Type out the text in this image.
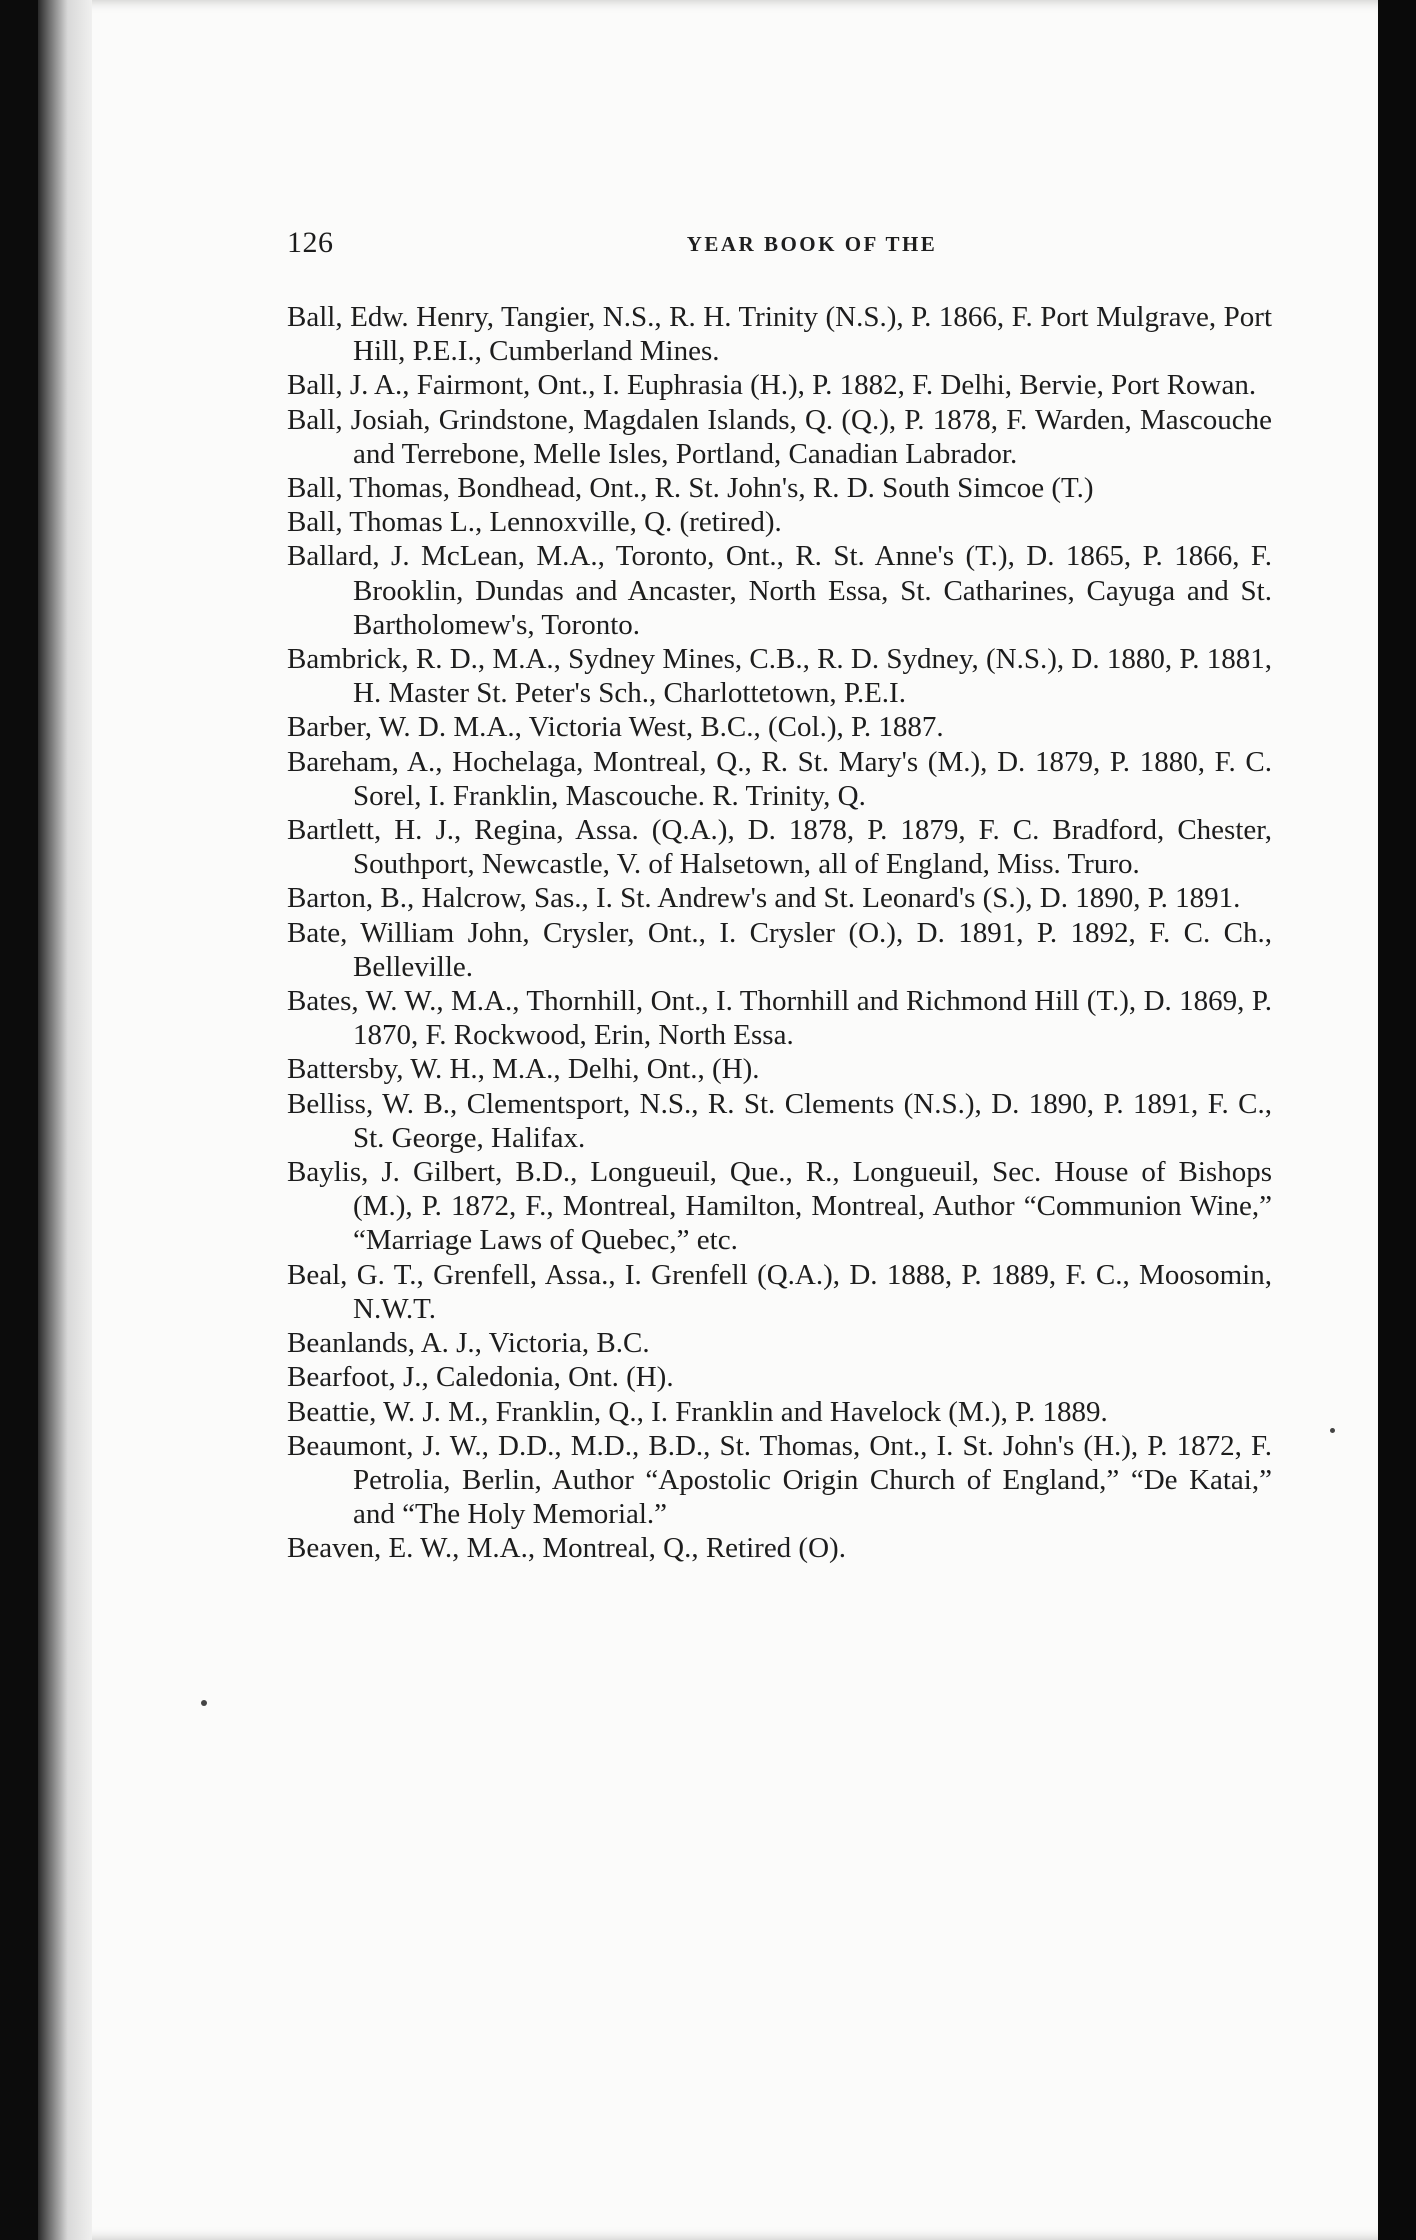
126	YEAR BOOK OF THE

Ball, Edw. Henry, Tangier, N.S., R. H. Trinity (N.S.), P. 1866, F. Port Mulgrave, Port Hill, P.E.I., Cumberland Mines.

Ball, J. A., Fairmont, Ont., I. Euphrasia (H.), P. 1882, F. Delhi, Bervie, Port Rowan.

Ball, Josiah, Grindstone, Magdalen Islands, Q. (Q.), P. 1878, F. Warden, Mascouche and Terrebone, Melle Isles, Portland, Canadian Labrador.

Ball, Thomas, Bondhead, Ont., R. St. John's, R. D. South Simcoe (T.)

Ball, Thomas L., Lennoxville, Q. (retired).

Ballard, J. McLean, M.A., Toronto, Ont., R. St. Anne's (T.), D. 1865, P. 1866, F. Brooklin, Dundas and Ancaster, North Essa, St. Catharines, Cayuga and St. Bartholomew's, Toronto.

Bambrick, R. D., M.A., Sydney Mines, C.B., R. D. Sydney, (N.S.), D. 1880, P. 1881, H. Master St. Peter's Sch., Charlottetown, P.E.I.

Barber, W. D. M.A., Victoria West, B.C., (Col.), P. 1887.

Bareham, A., Hochelaga, Montreal, Q., R. St. Mary's (M.), D. 1879, P. 1880, F. C. Sorel, I. Franklin, Mascouche. R. Trinity, Q.

Bartlett, H. J., Regina, Assa. (Q.A.), D. 1878, P. 1879, F. C. Bradford, Chester, Southport, Newcastle, V. of Halsetown, all of England, Miss. Truro.

Barton, B., Halcrow, Sas., I. St. Andrew's and St. Leonard's (S.), D. 1890, P. 1891.

Bate, William John, Crysler, Ont., I. Crysler (O.), D. 1891, P. 1892, F. C. Ch., Belleville.

Bates, W. W., M.A., Thornhill, Ont., I. Thornhill and Richmond Hill (T.), D. 1869, P. 1870, F. Rockwood, Erin, North Essa.

Battersby, W. H., M.A., Delhi, Ont., (H).

Belliss, W. B., Clementsport, N.S., R. St. Clements (N.S.), D. 1890, P. 1891, F. C., St. George, Halifax.

Baylis, J. Gilbert, B.D., Longueuil, Que., R., Longueuil, Sec. House of Bishops (M.), P. 1872, F., Montreal, Hamilton, Montreal, Author “Communion Wine,” “Marriage Laws of Quebec,” etc.

Beal, G. T., Grenfell, Assa., I. Grenfell (Q.A.), D. 1888, P. 1889, F. C., Moosomin, N.W.T.

Beanlands, A. J., Victoria, B.C.

Bearfoot, J., Caledonia, Ont. (H).

Beattie, W. J. M., Franklin, Q., I. Franklin and Havelock (M.), P. 1889.

Beaumont, J. W., D.D., M.D., B.D., St. Thomas, Ont., I. St. John's (H.), P. 1872, F. Petrolia, Berlin, Author “Apostolic Origin Church of England,” “De Katai,” and “The Holy Memorial.”

Beaven, E. W., M.A., Montreal, Q., Retired (O).
